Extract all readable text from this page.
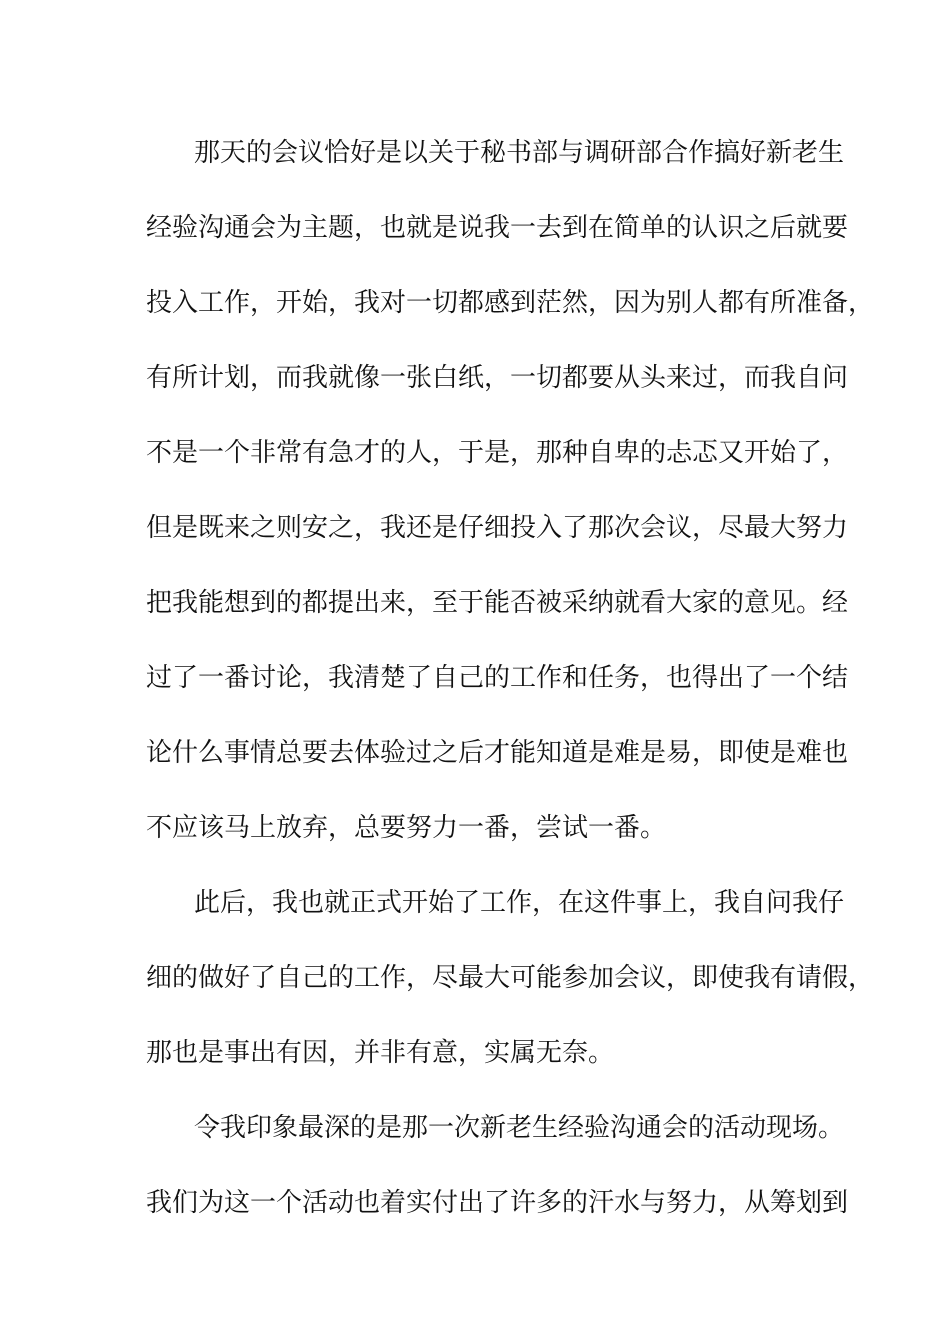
那天的会议恰好是以关于秘书部与调研部合作搞好新老生
经验沟通会为主题，也就是说我一去到在简单的认识之后就要
投入工作，开始，我对一切都感到茫然，因为别人都有所准备，
有所计划，而我就像一张白纸，一切都要从头来过，而我自问
不是一个非常有急才的人，于是，那种自卑的忐忑又开始了，
但是既来之则安之，我还是仔细投入了那次会议，尽最大努力
把我能想到的都提出来，至于能否被采纳就看大家的意见。经
过了一番讨论，我清楚了自己的工作和任务，也得出了一个结
论什么事情总要去体验过之后才能知道是难是易，即使是难也
不应该马上放弃，总要努力一番，尝试一番。
此后，我也就正式开始了工作，在这件事上，我自问我仔
细的做好了自己的工作，尽最大可能参加会议，即使我有请假，
那也是事出有因，并非有意，实属无奈。
令我印象最深的是那一次新老生经验沟通会的活动现场。
我们为这一个活动也着实付出了许多的汗水与努力，从筹划到
